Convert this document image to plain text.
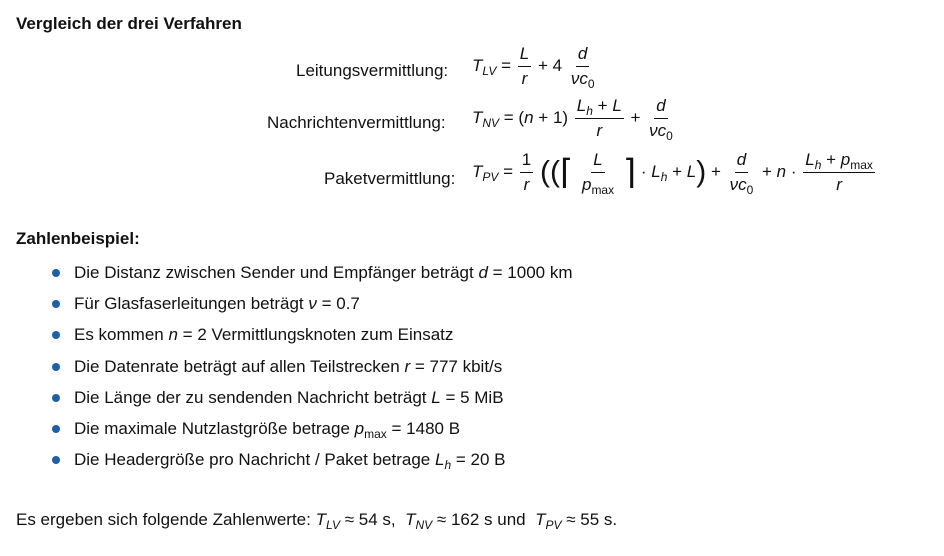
Vergleich der drei Verfahren
Leitungsvermittlung: $T_{LV} = \frac{L}{r} + 4 \frac{d}{\nu c_0}$
Nachrichtenvermittlung: $T_{NV} = (n + 1) \frac{L_h + L}{r} + \frac{d}{\nu c_0}$
Paketvermittlung: $T_{PV} = \frac{1}{r}$ ((⌈ $\frac{L}{p_{max}}$ ⌉ · $L_h + L) + \frac{d}{\nu c_0} + n \cdot \frac{L_h + p_{max}}{r}$
Zahlenbeispiel:
Die Distanz zwischen Sender und Empfänger beträgt d = 1000 km
Für Glasfaserleitungen beträgt ν = 0.7
Es kommen n = 2 Vermittlungsknoten zum Einsatz
Die Datenrate beträgt auf allen Teilstrecken r = 777 kbit/s
Die Länge der zu sendenden Nachricht beträgt L = 5 MiB
Die maximale Nutzlastgröße betrage $p_{max} = 1480$ B
Die Headergröße pro Nachricht / Paket betrage $L_h = 20$ B
Es ergeben sich folgende Zahlenwerte: $T_{LV} \approx 54$ s, $T_{NV} \approx 162$ s und $T_{PV} \approx 55$ s.
